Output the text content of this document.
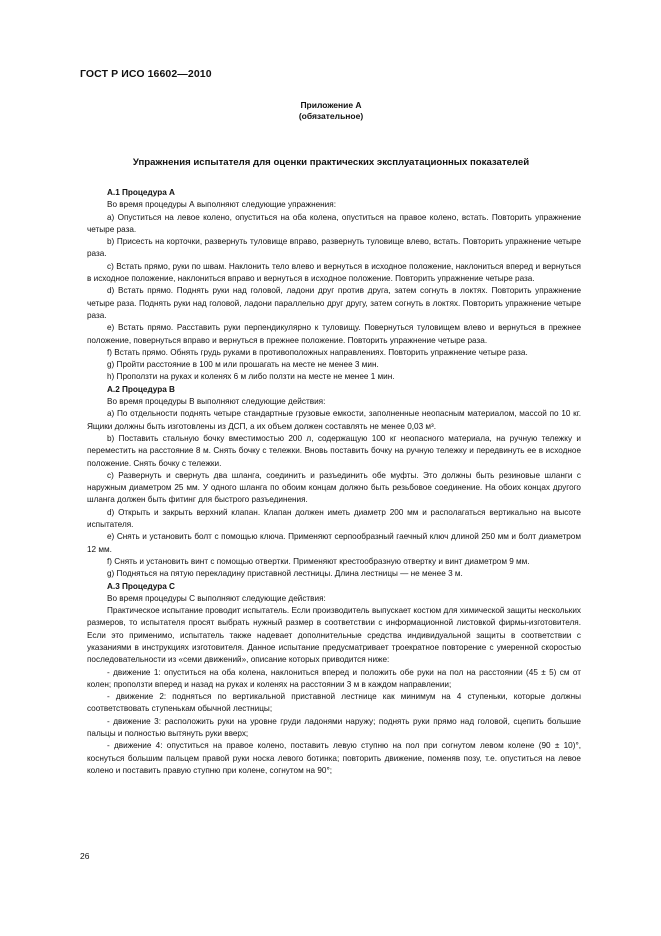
ГОСТ Р ИСО 16602—2010
Приложение А
(обязательное)
Упражнения испытателя для оценки практических эксплуатационных показателей
А.1 Процедура А

Во время процедуры А выполняют следующие упражнения:

a) Опуститься на левое колено, опуститься на оба колена, опуститься на правое колено, встать. Повторить упражнение четыре раза.

b) Присесть на корточки, развернуть туловище вправо, развернуть туловище влево, встать. Повторить упражнение четыре раза.

c) Встать прямо, руки по швам. Наклонить тело влево и вернуться в исходное положение, наклониться вперед и вернуться в исходное положение, наклониться вправо и вернуться в исходное положение. Повторить упражнение четыре раза.

d) Встать прямо. Поднять руки над головой, ладони друг против друга, затем согнуть в локтях. Повторить упражнение четыре раза. Поднять руки над головой, ладони параллельно друг другу, затем согнуть в локтях. Повторить упражнение четыре раза.

e) Встать прямо. Расставить руки перпендикулярно к туловищу. Повернуться туловищем влево и вернуться в прежнее положение, повернуться вправо и вернуться в прежнее положение. Повторить упражнение четыре раза.

f) Встать прямо. Обнять грудь руками в противоположных направлениях. Повторить упражнение четыре раза.

g) Пройти расстояние в 100 м или прошагать на месте не менее 3 мин.

h) Проползти на руках и коленях 6 м либо ползти на месте не менее 1 мин.

А.2 Процедура В

Во время процедуры В выполняют следующие действия:

a) По отдельности поднять четыре стандартные грузовые емкости, заполненные неопасным материалом, массой по 10 кг. Ящики должны быть изготовлены из ДСП, а их объем должен составлять не менее 0,03 м³.

b) Поставить стальную бочку вместимостью 200 л, содержащую 100 кг неопасного материала, на ручную тележку и переместить на расстояние 8 м. Снять бочку с тележки. Вновь поставить бочку на ручную тележку и передвинуть ее в исходное положение. Снять бочку с тележки.

c) Развернуть и свернуть два шланга, соединить и разъединить обе муфты. Это должны быть резиновые шланги с наружным диаметром 25 мм. У одного шланга по обоим концам должно быть резьбовое соединение. На обоих концах другого шланга должен быть фитинг для быстрого разъединения.

d) Открыть и закрыть верхний клапан. Клапан должен иметь диаметр 200 мм и располагаться вертикально на высоте испытателя.

e) Снять и установить болт с помощью ключа. Применяют серпообразный гаечный ключ длиной 250 мм и болт диаметром 12 мм.

f) Снять и установить винт с помощью отвертки. Применяют крестообразную отвертку и винт диаметром 9 мм.

g) Подняться на пятую перекладину приставной лестницы. Длина лестницы — не менее 3 м.

А.3 Процедура С

Во время процедуры С выполняют следующие действия:

Практическое испытание проводит испытатель. Если производитель выпускает костюм для химической защиты нескольких размеров, то испытателя просят выбрать нужный размер в соответствии с информационной листовкой фирмы-изготовителя. Если это применимо, испытатель также надевает дополнительные средства индивидуальной защиты в соответствии с указаниями в инструкциях изготовителя. Данное испытание предусматривает троекратное повторение с умеренной скоростью последовательности из «семи движений», описание которых приводится ниже:

- движение 1: опуститься на оба колена, наклониться вперед и положить обе руки на пол на расстоянии (45 ± 5) см от колен; проползти вперед и назад на руках и коленях на расстоянии 3 м в каждом направлении;

- движение 2: подняться по вертикальной приставной лестнице как минимум на 4 ступеньки, которые должны соответствовать ступенькам обычной лестницы;

- движение 3: расположить руки на уровне груди ладонями наружу; поднять руки прямо над головой, сцепить большие пальцы и полностью вытянуть руки вверх;

- движение 4: опуститься на правое колено, поставить левую ступню на пол при согнутом левом колене (90 ± 10)°, коснуться большим пальцем правой руки носка левого ботинка; повторить движение, поменяв позу, т.е. опуститься на левое колено и поставить правую ступню при колене, согнутом на 90°;

26
